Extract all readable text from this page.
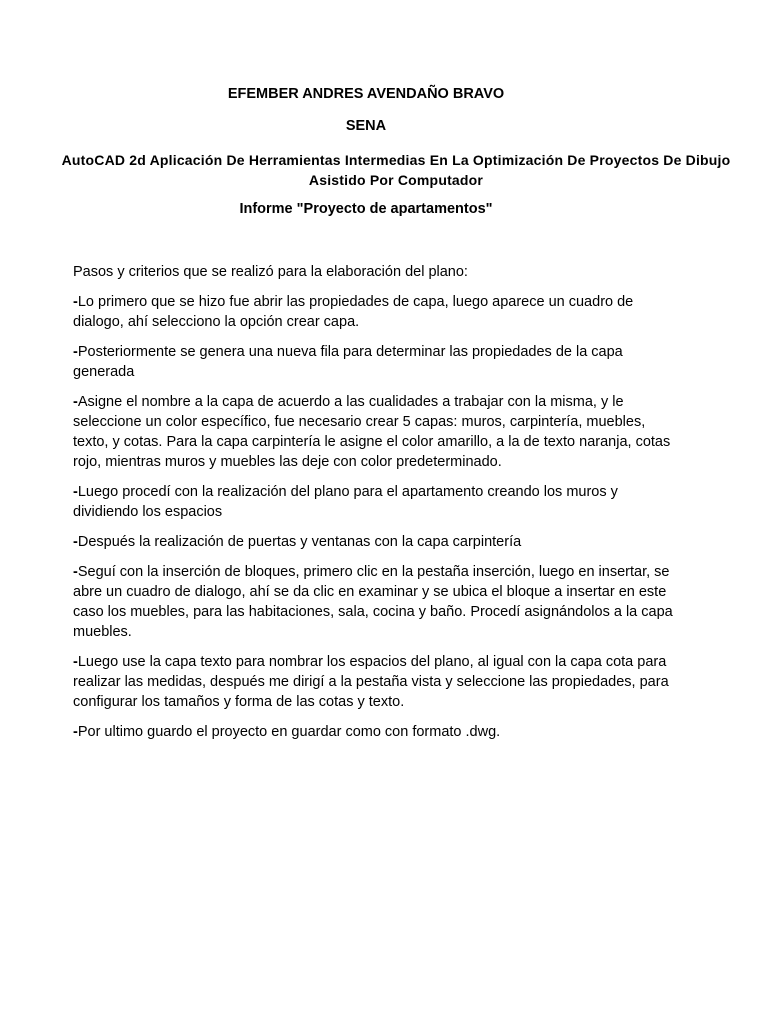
EFEMBER ANDRES AVENDAÑO BRAVO
SENA
AutoCAD 2d Aplicación De Herramientas Intermedias En La Optimización De Proyectos De Dibujo Asistido Por Computador
Informe "Proyecto de apartamentos"

Pasos y criterios que se realizó para la elaboración del plano:

-Lo primero que se hizo fue abrir las propiedades de capa, luego aparece un cuadro de dialogo, ahí selecciono la opción crear capa.

-Posteriormente se genera una nueva fila para determinar las propiedades de la capa generada

-Asigne el nombre a la capa de acuerdo a las cualidades a trabajar con la misma, y le seleccione un color específico, fue necesario crear 5 capas: muros, carpintería, muebles, texto, y cotas. Para la capa carpintería le asigne el color amarillo, a la de texto naranja, cotas rojo, mientras muros y muebles las deje con color predeterminado.

-Luego procedí con la realización del plano para el apartamento creando los muros y dividiendo los espacios

-Después la realización de puertas y ventanas con la capa carpintería

-Seguí con la inserción de bloques, primero clic en la pestaña inserción, luego en insertar, se abre un cuadro de dialogo, ahí se da clic en examinar y se ubica el bloque a insertar en este caso los muebles, para las habitaciones, sala, cocina y baño. Procedí asignándolos a la capa muebles.

-Luego use la capa texto para nombrar los espacios del plano, al igual con la capa cota para realizar las medidas, después me dirigí a la pestaña vista y seleccione las propiedades, para configurar los tamaños y forma de las cotas y texto.

-Por ultimo guardo el proyecto en guardar como con formato .dwg.
